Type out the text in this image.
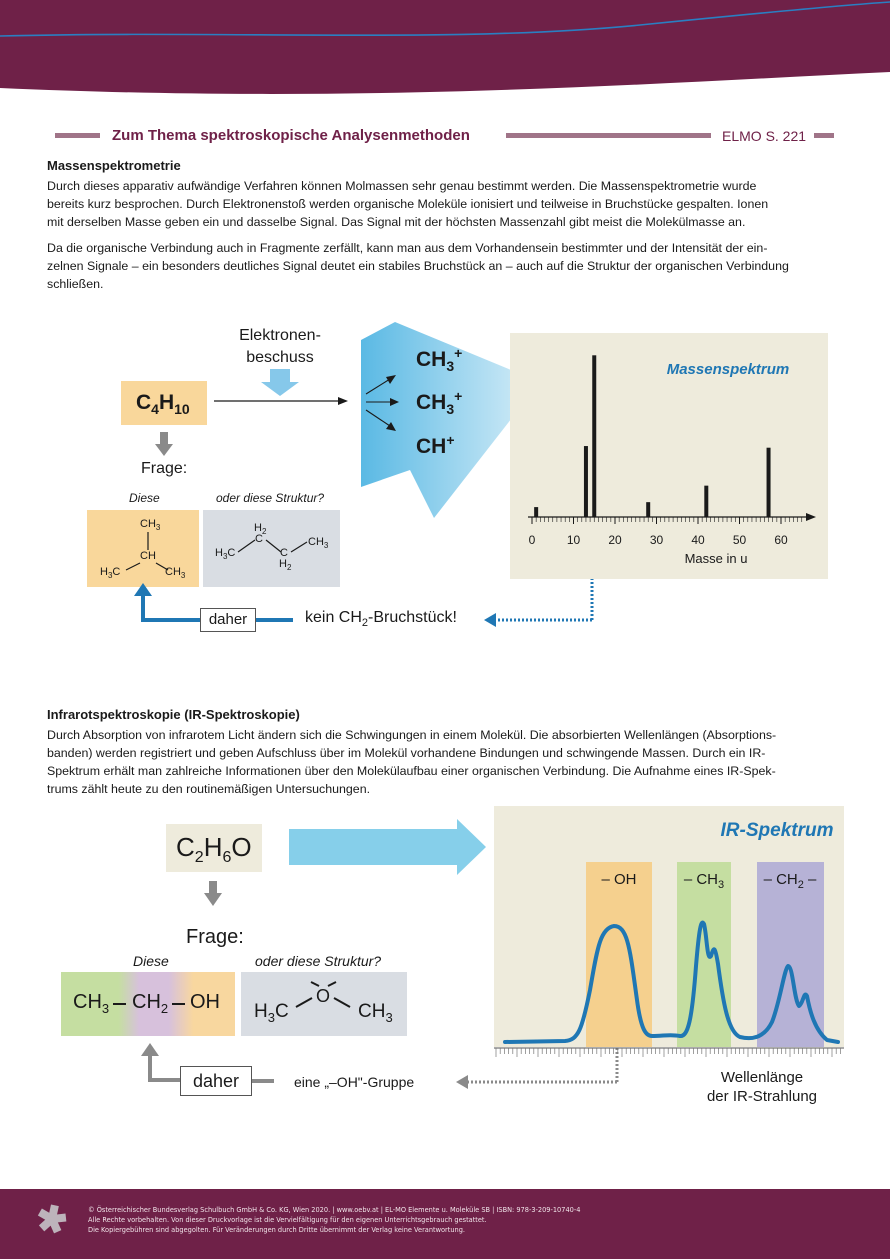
Zum Thema spektroskopische Analysenmethoden	ELMO S. 221
Massenspektrometrie
Durch dieses apparativ aufwändige Verfahren können Molmassen sehr genau bestimmt werden. Die Massenspektrometrie wurde
bereits kurz besprochen. Durch Elektronenstoß werden organische Moleküle ionisiert und teilweise in Bruchstücke gespalten. Ionen
mit derselben Masse geben ein und dasselbe Signal. Das Signal mit der höchsten Massenzahl gibt meist die Molekülmasse an.
Da die organische Verbindung auch in Fragmente zerfällt, kann man aus dem Vorhandensein bestimmter und der Intensität der ein-
zelnen Signale – ein besonders deutliches Signal deutet ein stabiles Bruchstück an – auch auf die Struktur der organischen Verbindung
schließen.
Elektronen-
beschuss
$C_4H_{10}$
$CH_3^+$
$CH_3^+$
CH+
Frage:
Diese	oder diese Struktur?
$CH_3$
CH
$H_3C$	$CH_3$
$H_2$
C
C
$H_2$
$H_3C$
$CH_3$
daher	kein $CH_2$-Bruchstück!
Massenspektrum
0	10 20 30 40 50 60
Masse in u
Infrarotspektroskopie (IR-Spektroskopie)
Durch Absorption von infrarotem Licht ändern sich die Schwingungen in einem Molekül. Die absorbierten Wellenlängen (Absorptions-
banden) werden registriert und geben Aufschluss über im Molekül vorhandene Bindungen und schwingende Massen. Durch ein IR-
Spektrum erhält man zahlreiche Informationen über den Molekülaufbau einer organischen Verbindung. Die Aufnahme eines IR-Spek-
trums zählt heute zu den routinemäßigen Untersuchungen.
$C_2H_6O$
Frage:
Diese	oder diese Struktur?
$CH_3$ $CH_2$ OH	O
$H_3C$	$CH_3$
daher	eine „–OH"-Gruppe
IR-Spektrum
– OH	– $CH_3$	– $CH_2$ –
Wellenlänge
der IR-Strahlung
© Österreichischer Bundesverlag Schulbuch GmbH & Co. KG, Wien 2020. | www.oebv.at | EL-MO Elemente u. Moleküle SB | ISBN: 978-3-209-10740-4
Alle Rechte vorbehalten. Von dieser Druckvorlage ist die Vervielfältigung für den eigenen Unterrichtsgebrauch gestattet.
Die Kopiergebühren sind abgegolten. Für Veränderungen durch Dritte übernimmt der Verlag keine Verantwortung.
